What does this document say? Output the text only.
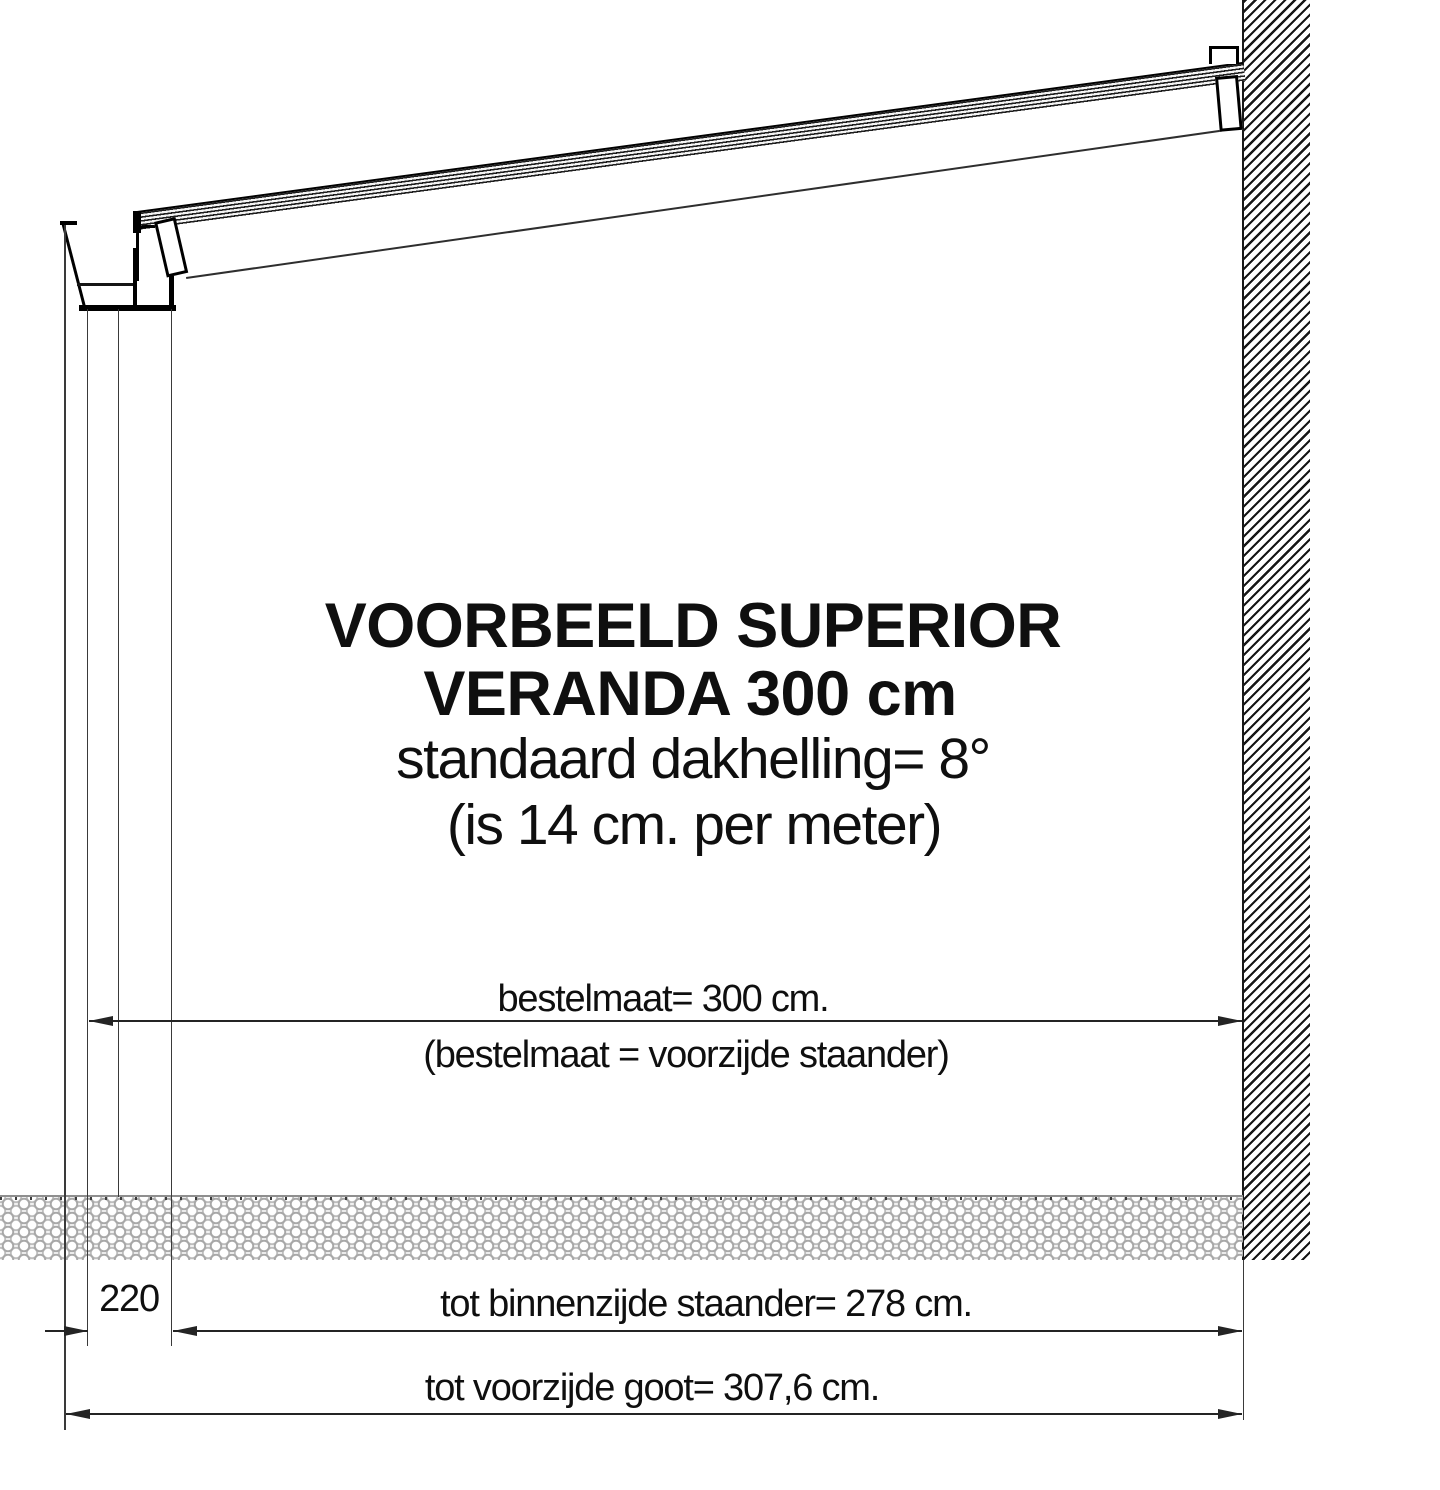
VOORBEELD SUPERIOR
VERANDA 300 cm
standaard dakhelling= 8°
(is 14 cm. per meter)
bestelmaat= 300 cm.
(bestelmaat = voorzijde staander)
220	tot binnenzijde staander= 278 cm.
tot voorzijde goot= 307,6 cm.
